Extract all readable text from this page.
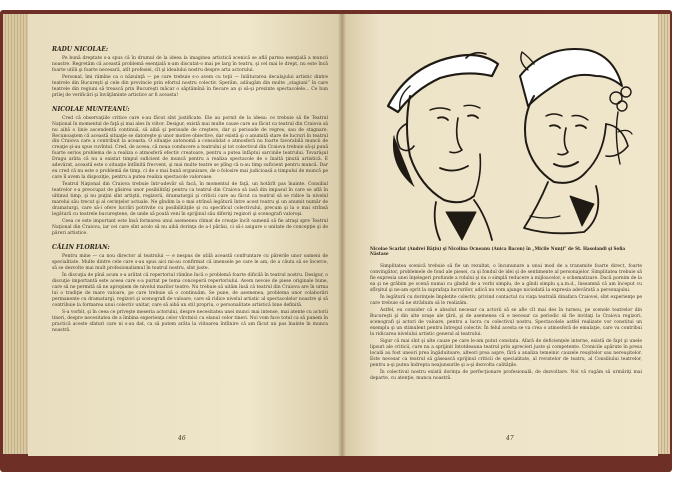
RADU NICOLAE:

Pe bună dreptate s-a spus că în drumul de la ideea la imaginea artistică scenică se află partea esenţială a muncii noastre. Regretăm că această problemă esenţială n-am discutat-o mai pe larg în teatru, şi cel mai le drept, nu este încă foarte utilă şi foarte necesară, atît profesiei, cît şi idealului nostru despre arta actorului.

Personal, îmi rămîne ca o năzuinţă — pe care trebuie s-o avem cu toţii — înlăturarea decalajului artistic dintre teatrele din Bucureşti şi cele din provincie prin efortul nostru colectiv. Sperăm, adăugăm din multe „stagiuni” în care teatrele din regiuni să trească prin Bucureşti măcar o săptămînă în fiecare an şi să-şi prezinte spectacolele... Ce bun prilej de verificări şi învăţăminte artistice ar fi aceasta!

NICOLAE MUNTEANU:

Cred că observaţiile critice care s-au făcut sînt justificate. Ele au pornit de la ideea: ce trebuie să fie Teatrul Naţional în momentul de faţă şi mai ales în viitor. Desigur, există mai multe cauze care au făcut ca teatrul din Craiova să nu aibă o linie ascendentă continuă, să aibă şi perioade de creştere, dar şi perioade de regres, sau de stagnare. Recunoaştem că această situaţie se datoreşte şi unor motive obiective, dar există şi o anumită stare de lucruri în teatrul din Craiova care a contribuit la aceasta. O situaţie autonomă a consolidat o atmosferă nu foarte favorabilă muncii de creaţie şi-au spus cuvîntul. Cred, de aceea, că noua conducere a teatrului şi tot colectivul din Craiova trebuie să-şi pună foarte serios problema de a realiza o atmosferă efectiv creatoare, pentru a putea înfăptui sarcinile teatrului. Tovarăşul Dragu arăta că nu a existat timpul suficient de muncă pentru a realiza spectacole de o înaltă ţinută artistică. E adevărat, această este o situaţie întîlnită frecvent, şi mai multe teatre se plîng că n-au timp suficient pentru muncă. Dar eu cred că nu este o problemă de timp, ci de o mai bună organizare, de o folosire mai judicioasă a timpului de muncă pe care îl avem la dispoziţie, pentru a putea realiza spectacole valoroase.

Teatrul Naţional din Craiova trebuie într-adevăr să facă, în momentul de faţă, un hotărît pas înainte. Consiliul teatrelor s-a preocupat de găsirea unor posibilităţi pentru ca teatrul din Craiova să iasă din impasul în care se află în ultimul timp, şi nu puţini sînt artiştii, regizorii, dramaturgii şi criticii care au făcut ca teatrul să se ridice la nivelul marelui său trecut şi al cerinţelor actuale. Ne gîndim la o mai strînsă legătură între acest teatru şi un anumit număr de dramaturgi, care să-i ofere lucrări potrivite cu posibilităţile şi cu specificul colectivului, precum şi la o mai strînsă legătură cu teatrele bucureştene, de unde să poată veni în sprijinul său diferiţi regizori şi scenografi valoroşi.

Ceea ce este important este însă formarea unui asemenea climat de creaţie încît oamenii să fie atraşi spre Teatrul Naţional din Craiova, iar cei care sînt acolo să nu aibă dorinţa de a-l părăsi, ci să-i asigure o unitate de concepţie şi de păreri artistice.

CĂLIN FLORIAN:

Pentru mine — ca nou director al teatrului — e nespus de utilă această confruntare cu părerile unor oameni de specialitate. Multe dintre cele care s-au spus aici mi-au confirmat că imensele pe care le am, de a căuta să se încerce, să se dezvolte mai mult profesionalismul în teatrul nostru, sînt juste.

În discuţia de pînă acum s-a arătat că repertoriul rămîne încă o problemă foarte dificilă în teatrul nostru. Desigur, o discuţie importantă este aceea care s-a purtat pe tema conceperii repertoriului. Avem nevoie de piese originale bune, care să ne permită să ne apropiem de nivelul marilor teatre. Nu trebuie să uităm însă că teatrul din Craiova are în urma lui o tradiţie de mare valoare, pe care trebuie să o continuăm. Se pune, de asemenea, problema unor colaborări permanente cu dramaturgi, regizori şi scenografi de valoare, care să ridice nivelul artistic al spectacolelor noastre şi să contribuie la formarea unui colectiv unitar, care să aibă un stil propriu, o personalitate artistică bine definită.

S-a vorbit, şi în ceea ce priveşte meseria actorului, despre necesitatea unei munci mai intense, mai atente cu actorii tineri, despre necesitatea de a îmbina experienţa celor vîrstnici cu elanul celor tineri. Noi vom face totul ca să punem în practică aceste sfaturi care ni s-au dat, ca să putem arăta la viitoarea întîlnire că am făcut un pas înainte în munca noastră.

46
Nicolae Scarlat (Andrei Bâţiu) şi Nicolina Ocneanu (Anica Bacon) în „Micile Nunţi” de St. Hasolandi şi Sofia Năstase

Simplitatea scenică trebuie să fie un rezultat, o încununare a unui mod de a transmite foarte direct, foarte convingător, problemele de fond ale piesei, ca şi fondul de idei şi de sentimente al personajelor. Simplitatea trebuie să fie expresia unei înţelegeri profunde a rolului şi nu o simplă reducere a mijloacelor, o schematizare. Dacă pornim de la ea şi ne grăbim pe scenă numai cu gîndul de a vorbi simplu, de a gîndi simplu ş.a.m.d., înseamnă că am început cu sfîrşitul şi ne-am oprit la suprafaţa lucrurilor, adică nu vom ajunge niciodată la expresia adevărată a personajului.

În legătură cu dorinţele împletite colectiv, privind contactul cu viaţa teatrală dinafara Craiovei, sînt experienţe pe care trebuie să ne străduim să le realizăm.

Astfel, eu consider că e absolut necesar ca actorii să se afle cît mai des în turneu, pe scenele teatrelor din Bucureşti şi din alte oraşe ale ţării, şi de asemenea că e necesar ca periodic să fie invitaţi la Craiova regizori, scenografi şi actori de valoare, pentru a lucra cu colectivul nostru. Spectacolele astfel realizate vor constitui un exemplu şi un stimulent pentru întregul colectiv. În felul acesta se va crea o atmosferă de emulaţie, care va contribui la ridicarea nivelului artistic general al teatrului.

Sigur că mai sînt şi alte cauze pe care le-am putut constata. Afară de deficienţele interne, există de fapt şi unele lipsuri ale criticii, care nu a sprijinit întotdeauna teatrul prin aprecieri juste şi competente. Cronicile apărute în presa locală au fost uneori prea îngăduitoare, alteori prea aspre, fără a analiza temeinic cauzele reuşitelor sau nereuşitelor. Este necesar ca teatrul să găsească sprijinul criticii de specialitate, al revistelor de teatru, al Consiliului teatrelor, pentru a-şi putea îndrepta neajunsurile şi a-şi dezvolta calităţile.

În colectivul nostru există dorinţa de perfecţionare profesională, de dezvoltare. Noi vă rugăm să urmăriţi mai departe, cu atenţie, munca noastră.

47
